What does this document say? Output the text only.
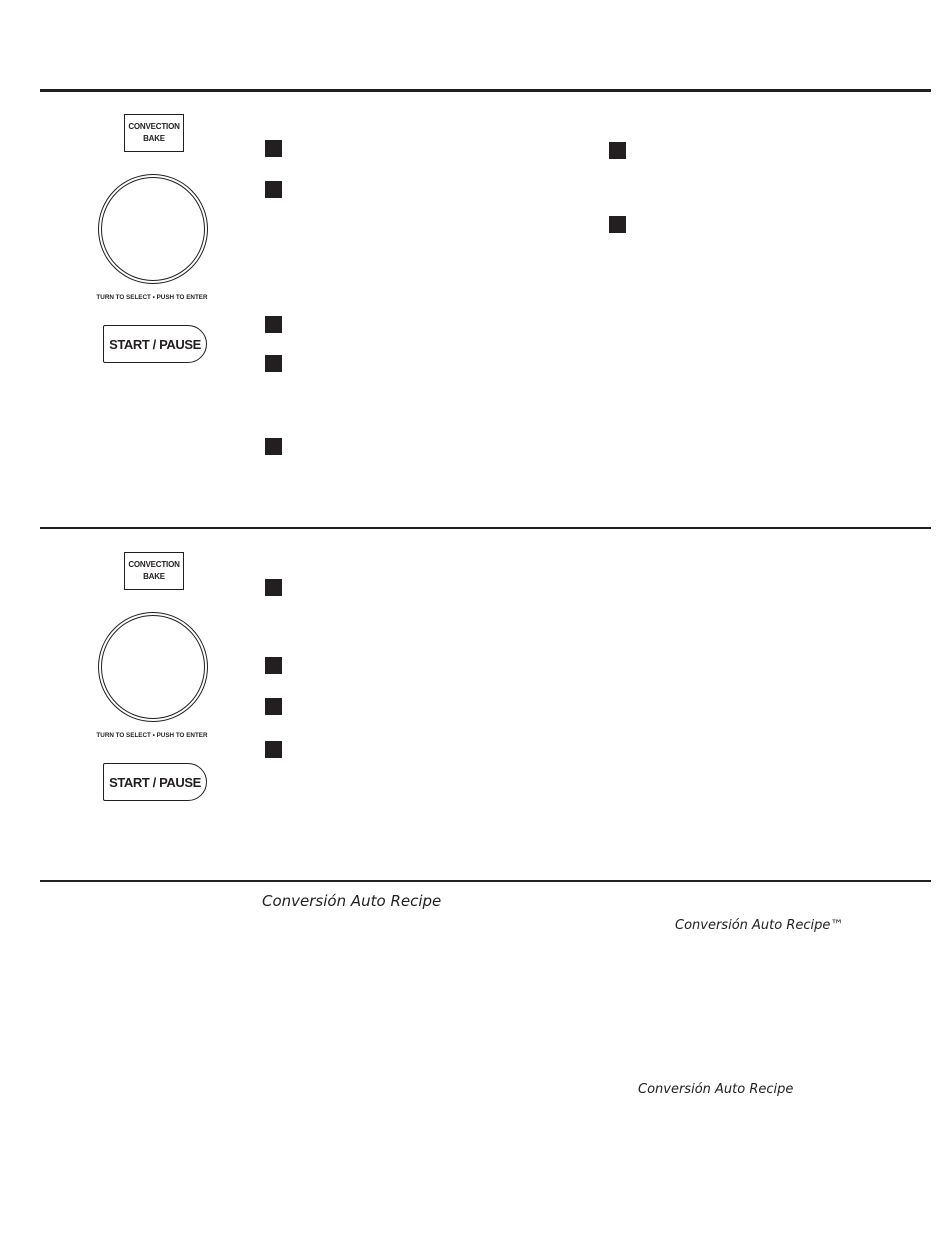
CONVECTION
BAKE
TURN TO SELECT • PUSH TO ENTER
START / PAUSE
CONVECTION
BAKE
TURN TO SELECT • PUSH TO ENTER
START / PAUSE
Conversión Auto Recipe
Conversión Auto Recipe™
Conversión Auto Recipe
